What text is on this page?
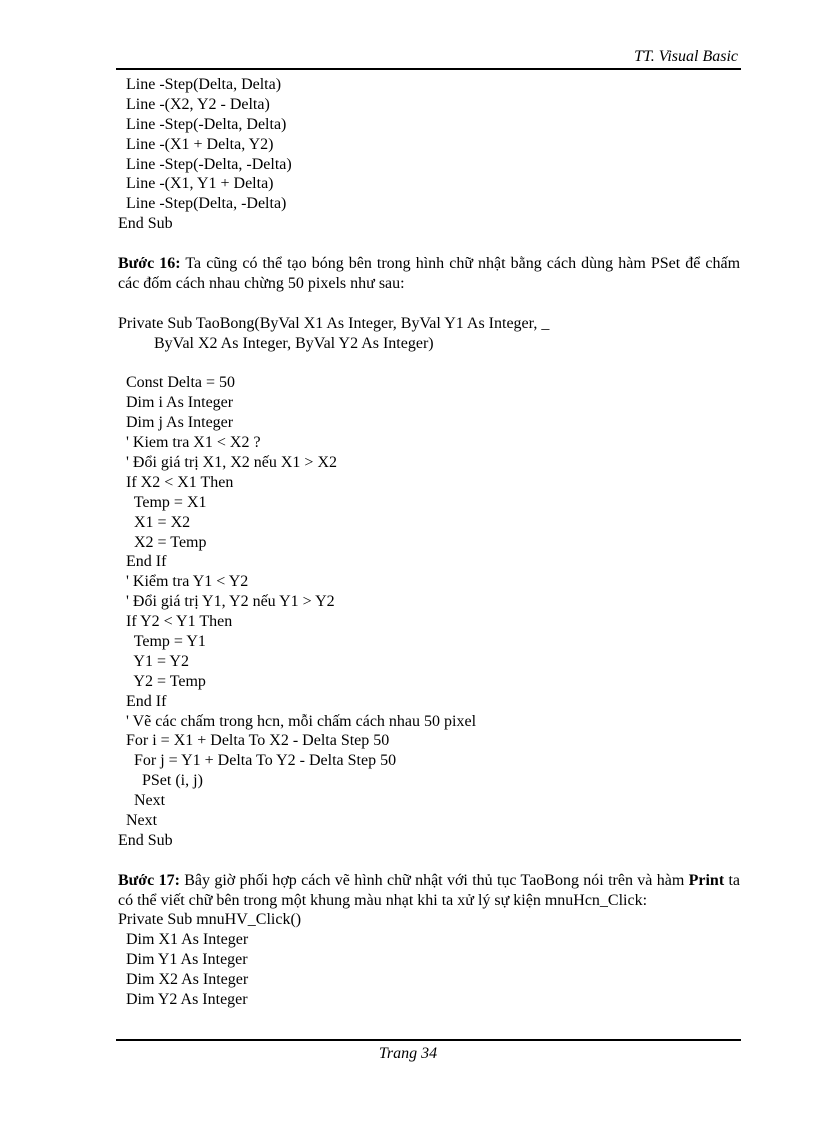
TT. Visual Basic
Line -Step(Delta, Delta)
Line -(X2, Y2 - Delta)
Line -Step(-Delta, Delta)
Line -(X1 + Delta, Y2)
Line -Step(-Delta, -Delta)
Line -(X1, Y1 + Delta)
Line -Step(Delta, -Delta)
End Sub
Bước 16: Ta cũng có thể tạo bóng bên trong hình chữ nhật bằng cách dùng hàm PSet để chấm các đốm cách nhau chừng 50 pixels như sau:
Private Sub TaoBong(ByVal X1 As Integer, ByVal Y1 As Integer, _
ByVal X2 As Integer, ByVal Y2 As Integer)
Const Delta = 50
Dim i As Integer
Dim j As Integer
' Kiem tra X1 < X2 ?
' Đổi giá trị X1, X2 nếu X1 > X2
If X2 < X1 Then
Temp = X1
X1 = X2
X2 = Temp
End If
' Kiểm tra Y1 < Y2
' Đổi giá trị Y1, Y2 nếu Y1 > Y2
If Y2 < Y1 Then
Temp = Y1
Y1 = Y2
Y2 = Temp
End If
' Vẽ các chấm trong hcn, mỗi chấm cách nhau 50 pixel
For i = X1 + Delta To X2 - Delta Step 50
For j = Y1 + Delta To Y2 - Delta Step 50
PSet (i, j)
Next
Next
End Sub
Bước 17: Bây giờ phối hợp cách vẽ hình chữ nhật với thủ tục TaoBong nói trên và hàm Print ta có thể viết chữ bên trong một khung màu nhạt khi ta xử lý sự kiện mnuHcn_Click:
Private Sub mnuHV_Click()
Dim X1 As Integer
Dim Y1 As Integer
Dim X2 As Integer
Dim Y2 As Integer
Trang 34
